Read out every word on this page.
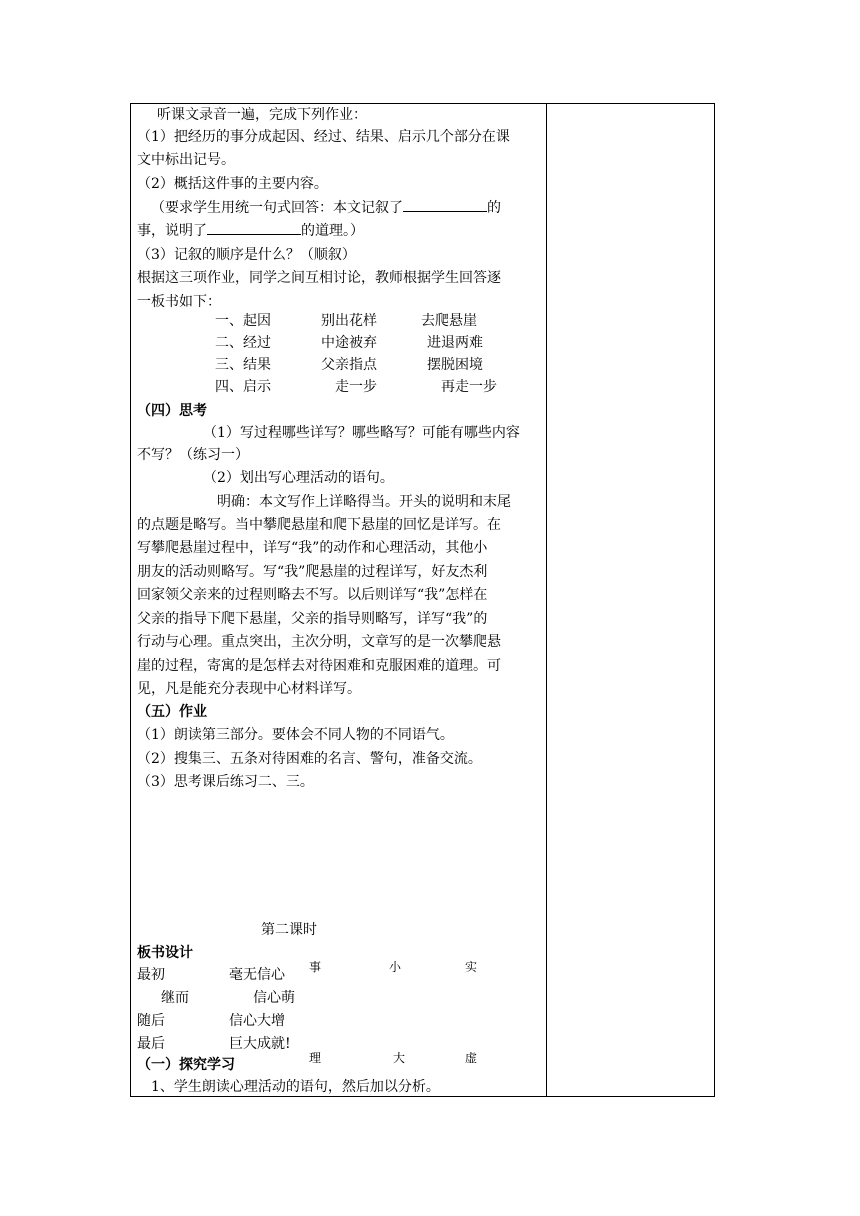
听课文录音一遍，完成下列作业：
（1）把经历的事分成起因、经过、结果、启示几个部分在课
文中标出记号。
（2）概括这件事的主要内容。
（要求学生用统一句式回答：本文记叙了	的
事，说明了	的道理。）
（3）记叙的顺序是什么？（顺叙）
根据这三项作业，同学之间互相讨论，教师根据学生回答逐
一板书如下：
一、起因	别出花样	去爬悬崖
二、经过	中途被弃	进退两难
三、结果	父亲指点	摆脱困境
四、启示	走一步	再走一步
（四）思考
（1）写过程哪些详写？哪些略写？可能有哪些内容
不写？（练习一）
（2）划出写心理活动的语句。
明确：本文写作上详略得当。开头的说明和末尾
的点题是略写。当中攀爬悬崖和爬下悬崖的回忆是详写。在
写攀爬悬崖过程中，详写“我”的动作和心理活动，其他小
朋友的活动则略写。写“我”爬悬崖的过程详写，好友杰利
回家领父亲来的过程则略去不写。以后则详写“我”怎样在
父亲的指导下爬下悬崖，父亲的指导则略写，详写“我”的
行动与心理。重点突出，主次分明，文章写的是一次攀爬悬
崖的过程，寄寓的是怎样去对待困难和克服困难的道理。可
见，凡是能充分表现中心材料详写。
（五）作业
（1）朗读第三部分。要体会不同人物的不同语气。
（2）搜集三、五条对待困难的名言、警句，准备交流。
（3）思考课后练习二、三。
第二课时
板书设计
最初	毫无信心
继而	信心萌
随后	信心大增
最后	巨大成就!
事	小	实
理	大	虚
（一）探究学习
1、学生朗读心理活动的语句，然后加以分析。
